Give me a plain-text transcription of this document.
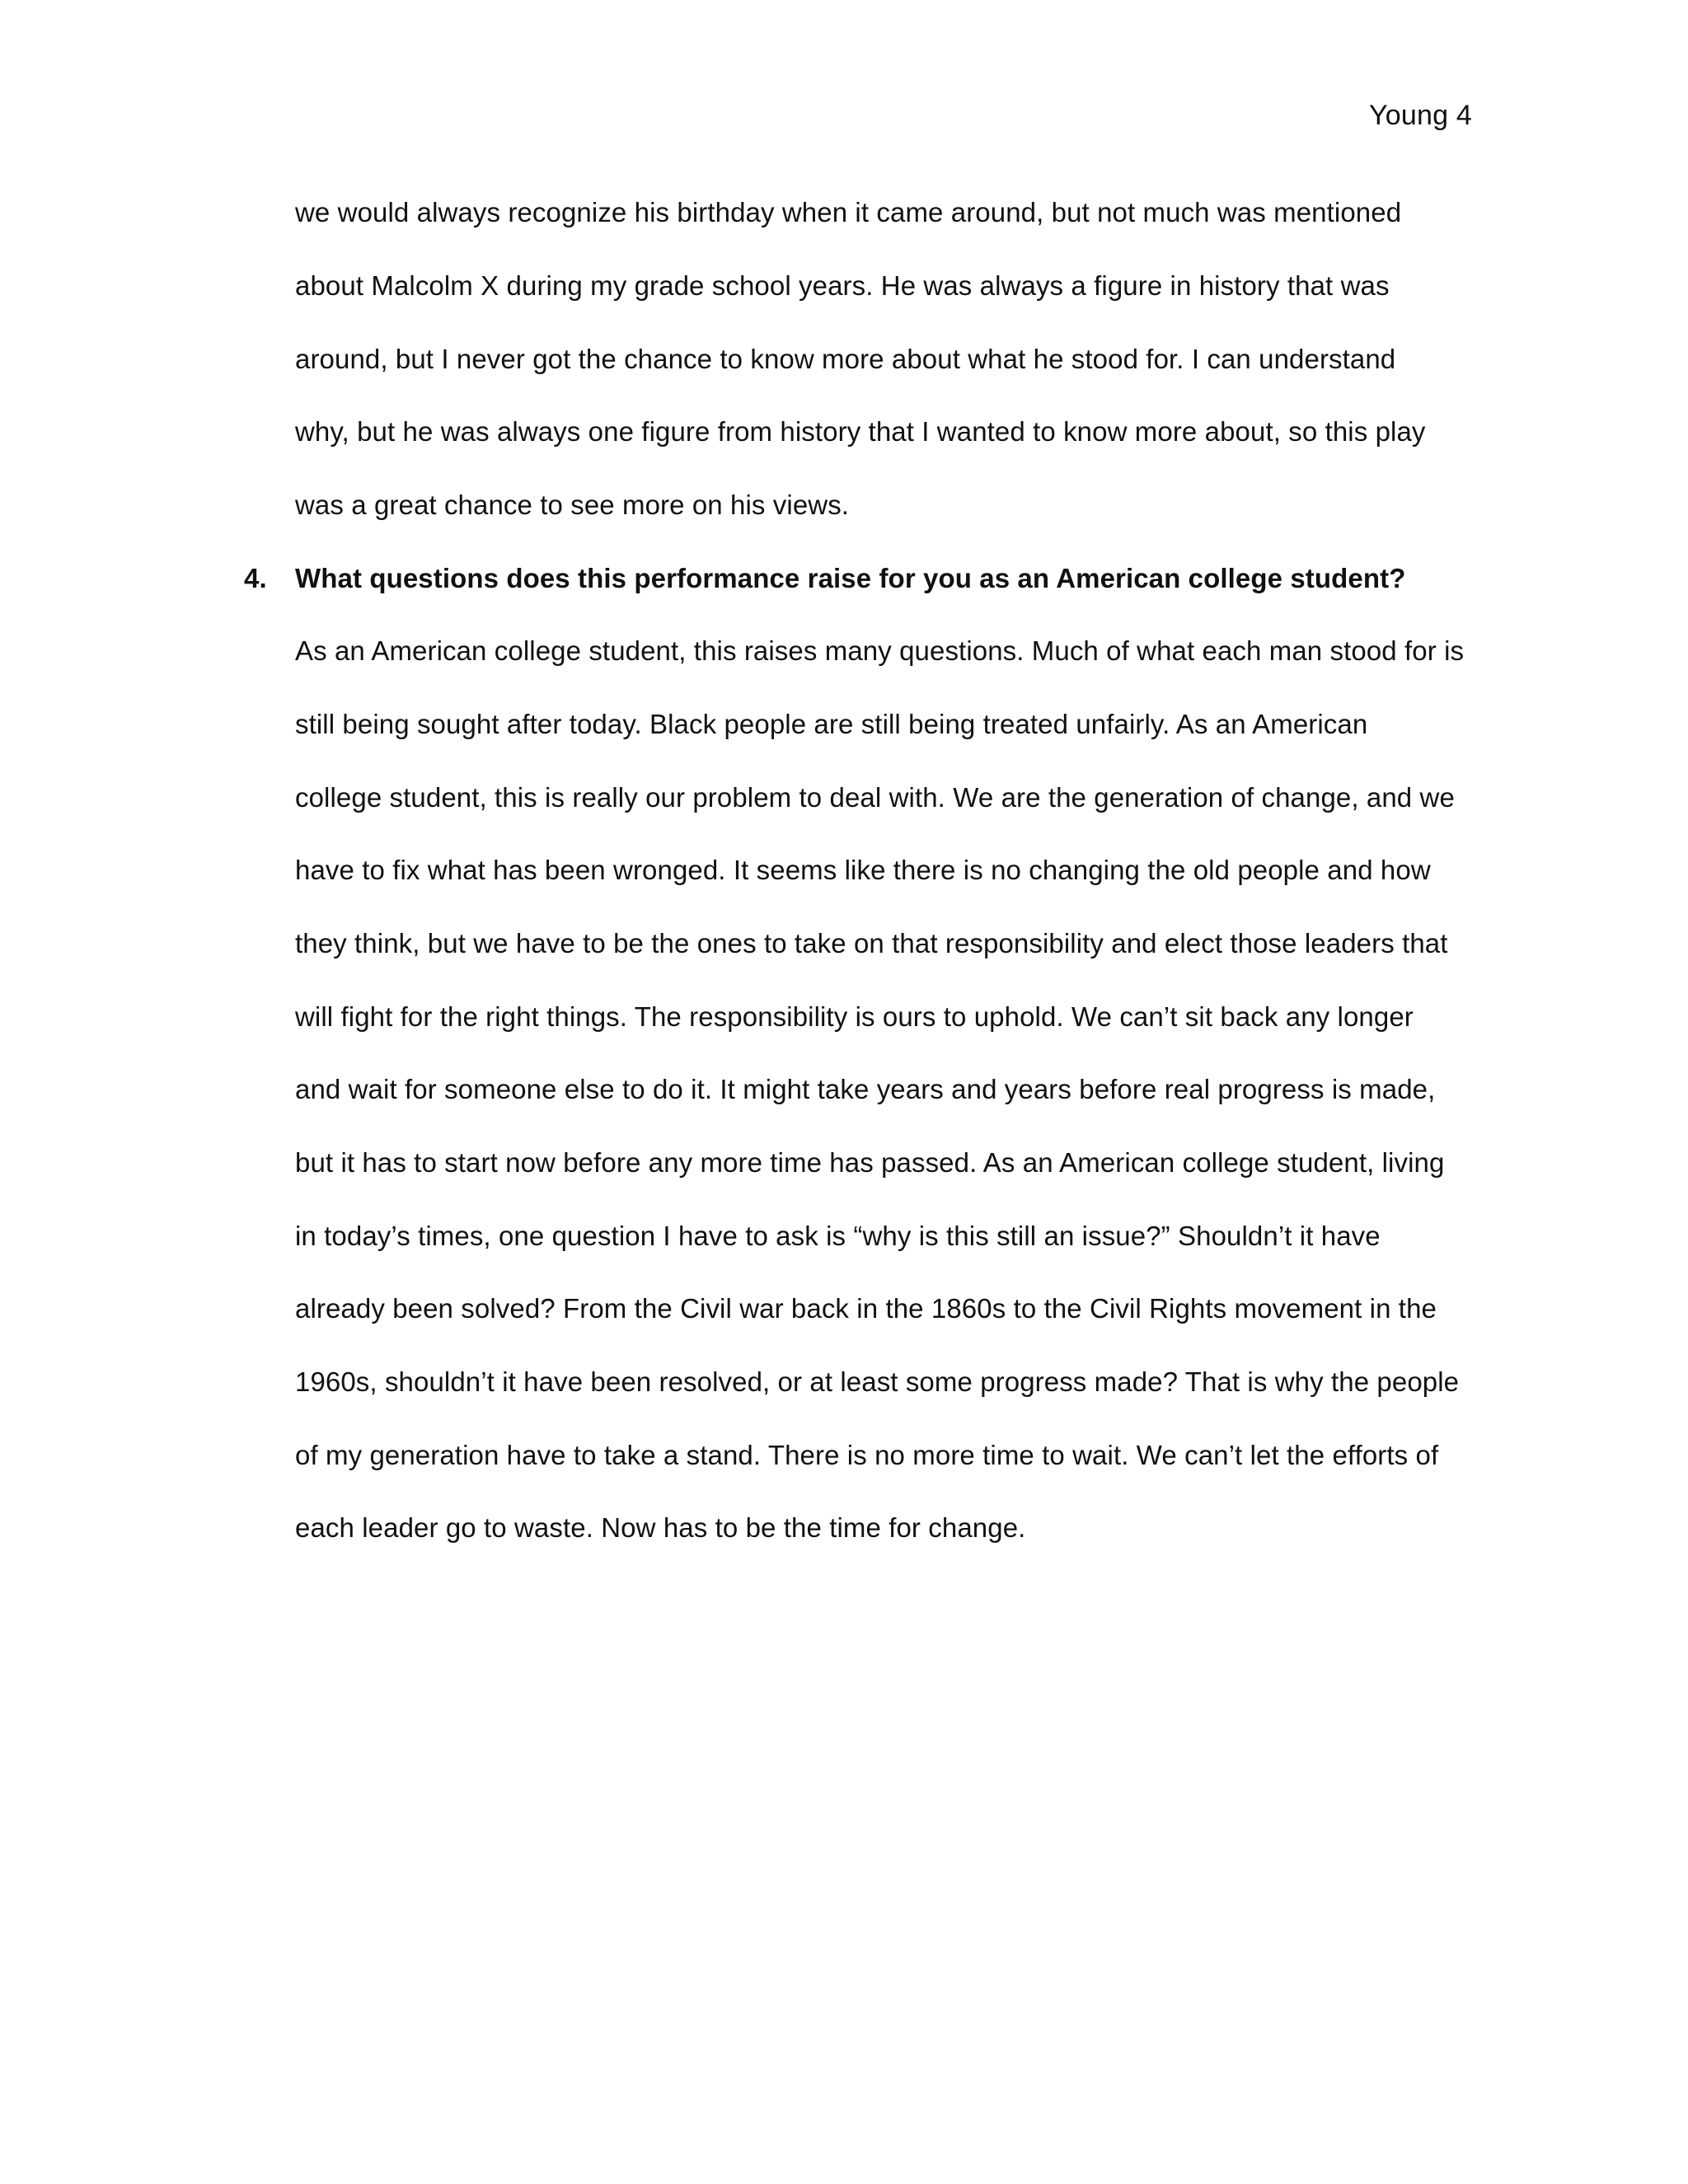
Young 4
we would always recognize his birthday when it came around, but not much was mentioned
about Malcolm X during my grade school years. He was always a figure in history that was
around, but I never got the chance to know more about what he stood for. I can understand
why, but he was always one figure from history that I wanted to know more about, so this play
was a great chance to see more on his views.
4. What questions does this performance raise for you as an American college student?
As an American college student, this raises many questions. Much of what each man stood for is
still being sought after today. Black people are still being treated unfairly. As an American
college student, this is really our problem to deal with. We are the generation of change, and we
have to fix what has been wronged. It seems like there is no changing the old people and how
they think, but we have to be the ones to take on that responsibility and elect those leaders that
will fight for the right things. The responsibility is ours to uphold. We can’t sit back any longer
and wait for someone else to do it. It might take years and years before real progress is made,
but it has to start now before any more time has passed. As an American college student, living
in today’s times, one question I have to ask is “why is this still an issue?” Shouldn’t it have
already been solved? From the Civil war back in the 1860s to the Civil Rights movement in the
1960s, shouldn’t it have been resolved, or at least some progress made? That is why the people
of my generation have to take a stand. There is no more time to wait. We can’t let the efforts of
each leader go to waste. Now has to be the time for change.
